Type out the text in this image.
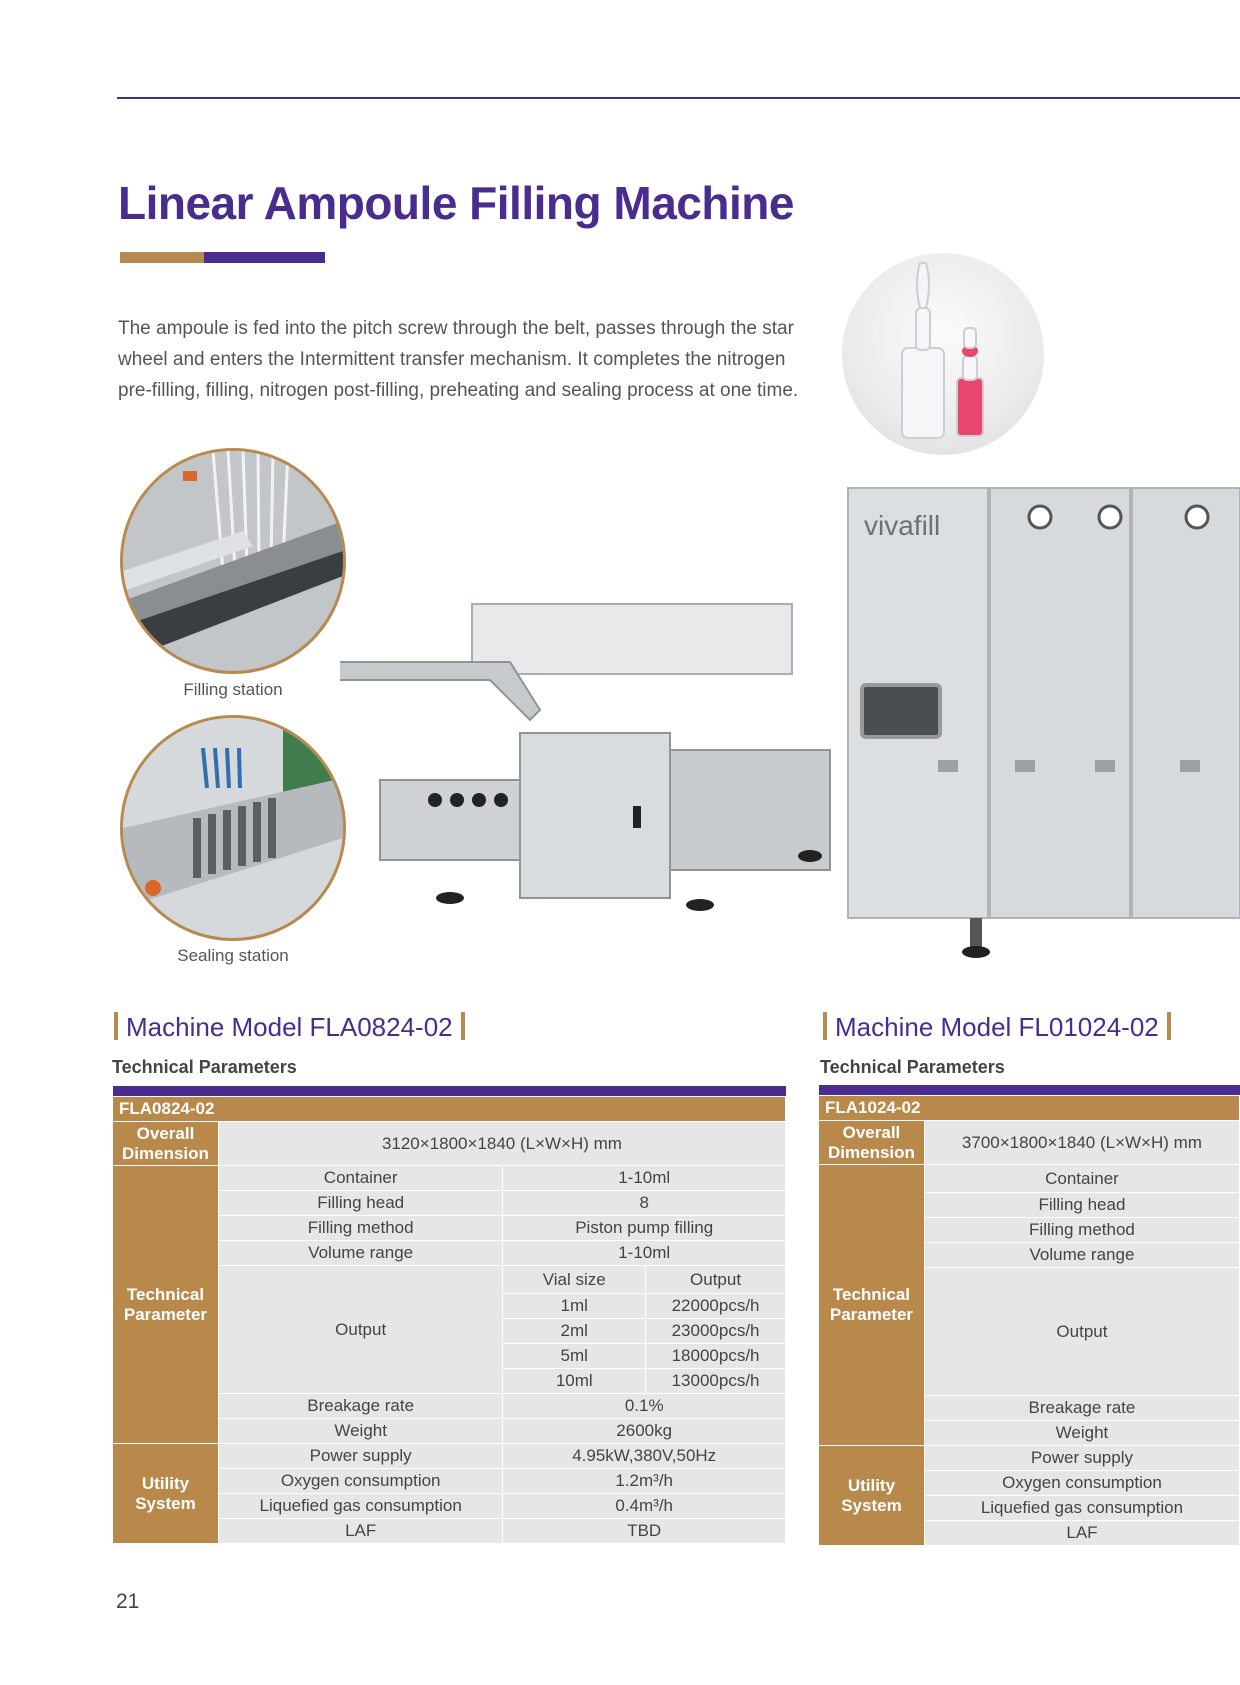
Linear Ampoule Filling Machine
The ampoule is fed into the pitch screw through the belt, passes through the star wheel and enters the Intermittent transfer mechanism. It completes the nitrogen pre-filling, filling, nitrogen post-filling, preheating and sealing process at one time.
Filling station
Sealing station
vivafill
Machine Model FLA0824-02
Technical Parameters

FLA0824-02			
Overall Dimension	3120×1800×1840 (L×W×H) mm		
Technical Parameter	Container	1-10ml	
	Filling head	8	
	Filling method	Piston pump filling	
	Volume range	1-10ml	
	Output	Vial size	Output
		1ml	22000pcs/h
		2ml	23000pcs/h
		5ml	18000pcs/h
		10ml	13000pcs/h
	Breakage rate	0.1%	
	Weight	2600kg	
Utility System	Power supply	4.95kW,380V,50Hz	
	Oxygen consumption	1.2m³/h	
	Liquefied gas consumption	0.4m³/h	
	LAF	TBD	
Machine Model FL01024-02
Technical Parameters

FLA1024-02	
Overall Dimension	3700×1800×1840 (L×W×H) mm
Technical Parameter	Container
	Filling head
	Filling method
	Volume range
	Output
	Breakage rate
	Weight
Utility System	Power supply
	Oxygen consumption
	Liquefied gas consumption
	LAF
21
